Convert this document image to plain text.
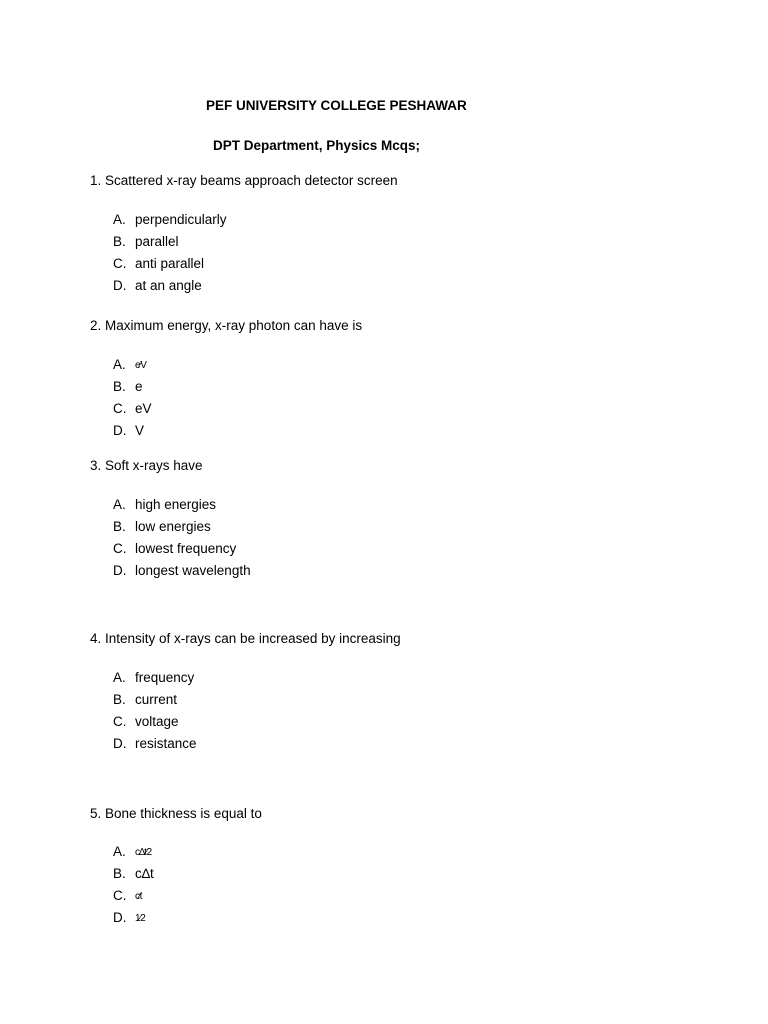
PEF UNIVERSITY COLLEGE PESHAWAR
DPT Department, Physics Mcqs;
1. Scattered x-ray beams approach detector screen
A. perpendicularly
B. parallel
C. anti parallel
D. at an angle
2. Maximum energy, x-ray photon can have is
A. e⁄V
B. e
C. eV
D. V
3. Soft x-rays have
A. high energies
B. low energies
C. lowest frequency
D. longest wavelength
4. Intensity of x-rays can be increased by increasing
A. frequency
B. current
C. voltage
D. resistance
5. Bone thickness is equal to
A. c∆t⁄2
B. c∆t
C. c⁄t
D. 1⁄2
